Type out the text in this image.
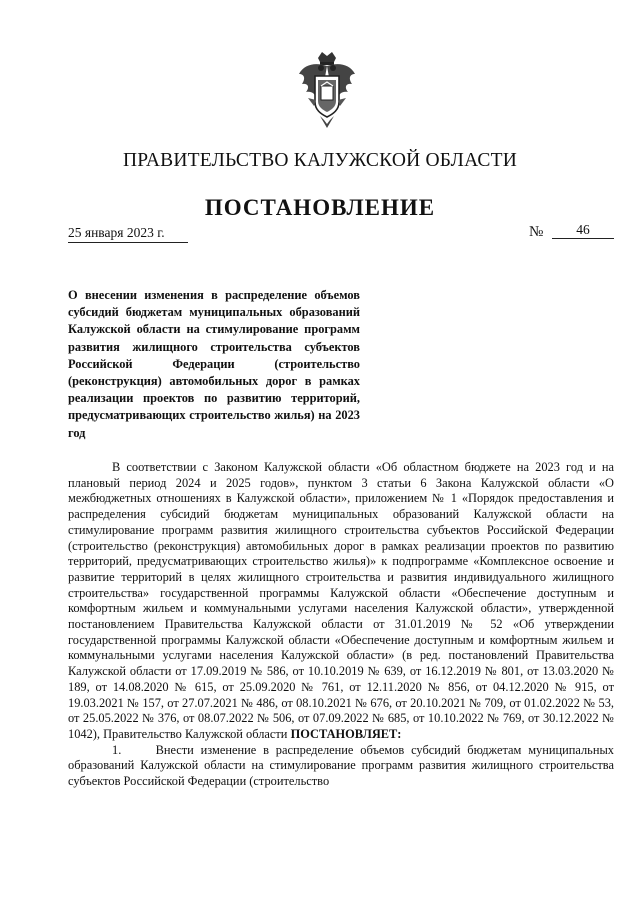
ПРАВИТЕЛЬСТВО КАЛУЖСКОЙ ОБЛАСТИ
ПОСТАНОВЛЕНИЕ
25 января 2023 г.	№	46
О внесении изменения в распределение объемов субсидий бюджетам муниципальных образований Калужской области на стимулирование программ развития жилищного строительства субъектов Российской Федерации (строительство (реконструкция) автомобильных дорог в рамках реализации проектов по развитию территорий, предусматривающих строительство жилья) на 2023 год

В соответствии с Законом Калужской области «Об областном бюджете на 2023 год и на плановый период 2024 и 2025 годов», пунктом 3 статьи 6 Закона Калужской области «О межбюджетных отношениях в Калужской области», приложением № 1 «Порядок предоставления и распределения субсидий бюджетам муниципальных образований Калужской области на стимулирование программ развития жилищного строительства субъектов Российской Федерации (строительство (реконструкция) автомобильных дорог в рамках реализации проектов по развитию территорий, предусматривающих строительство жилья)» к подпрограмме «Комплексное освоение и развитие территорий в целях жилищного строительства и развития индивидуального жилищного строительства» государственной программы Калужской области «Обеспечение доступным и комфортным жильем и коммунальными услугами населения Калужской области», утвержденной постановлением Правительства Калужской области от 31.01.2019 № 52 «Об утверждении государственной программы Калужской области «Обеспечение доступным и комфортным жильем и коммунальными услугами населения Калужской области» (в ред. постановлений Правительства Калужской области от 17.09.2019 № 586, от 10.10.2019 № 639, от 16.12.2019 № 801, от 13.03.2020 № 189, от 14.08.2020 № 615, от 25.09.2020 № 761, от 12.11.2020 № 856, от 04.12.2020 № 915, от 19.03.2021 № 157, от 27.07.2021 № 486, от 08.10.2021 № 676, от 20.10.2021 № 709, от 01.02.2022 № 53, от 25.05.2022 № 376, от 08.07.2022 № 506, от 07.09.2022 № 685, от 10.10.2022 № 769, от 30.12.2022 № 1042), Правительство Калужской области ПОСТАНОВЛЯЕТ:

1.	Внести изменение в распределение объемов субсидий бюджетам муниципальных образований Калужской области на стимулирование программ развития жилищного строительства субъектов Российской Федерации (строительство
